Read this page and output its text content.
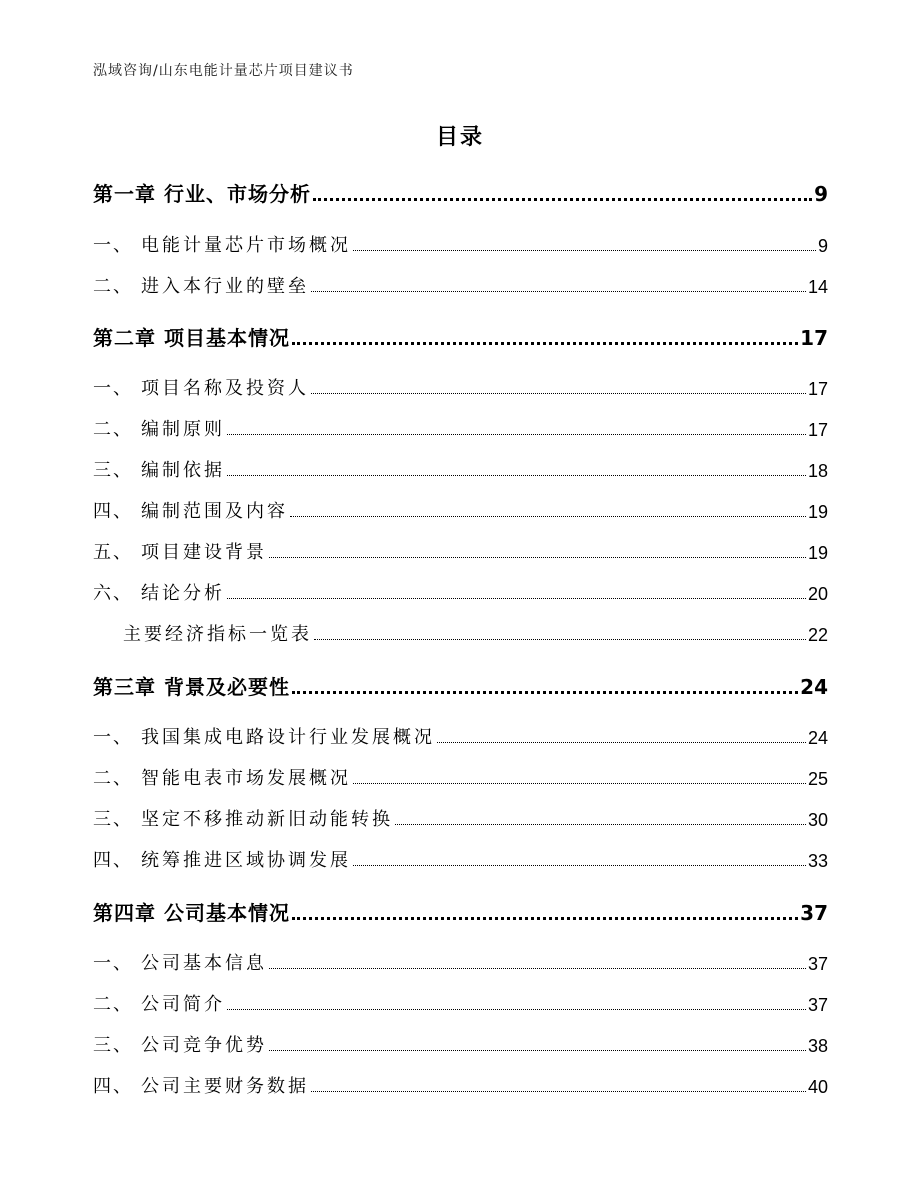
泓域咨询/山东电能计量芯片项目建议书
目录
第一章 行业、市场分析	9
一、 电能计量芯片市场概况	9
二、 进入本行业的壁垒	14
第二章 项目基本情况	17
一、 项目名称及投资人	17
二、 编制原则	17
三、 编制依据	18
四、 编制范围及内容	19
五、 项目建设背景	19
六、 结论分析	20
主要经济指标一览表	22
第三章 背景及必要性	24
一、 我国集成电路设计行业发展概况	24
二、 智能电表市场发展概况	25
三、 坚定不移推动新旧动能转换	30
四、 统筹推进区域协调发展	33
第四章 公司基本情况	37
一、 公司基本信息	37
二、 公司简介	37
三、 公司竞争优势	38
四、 公司主要财务数据	40
